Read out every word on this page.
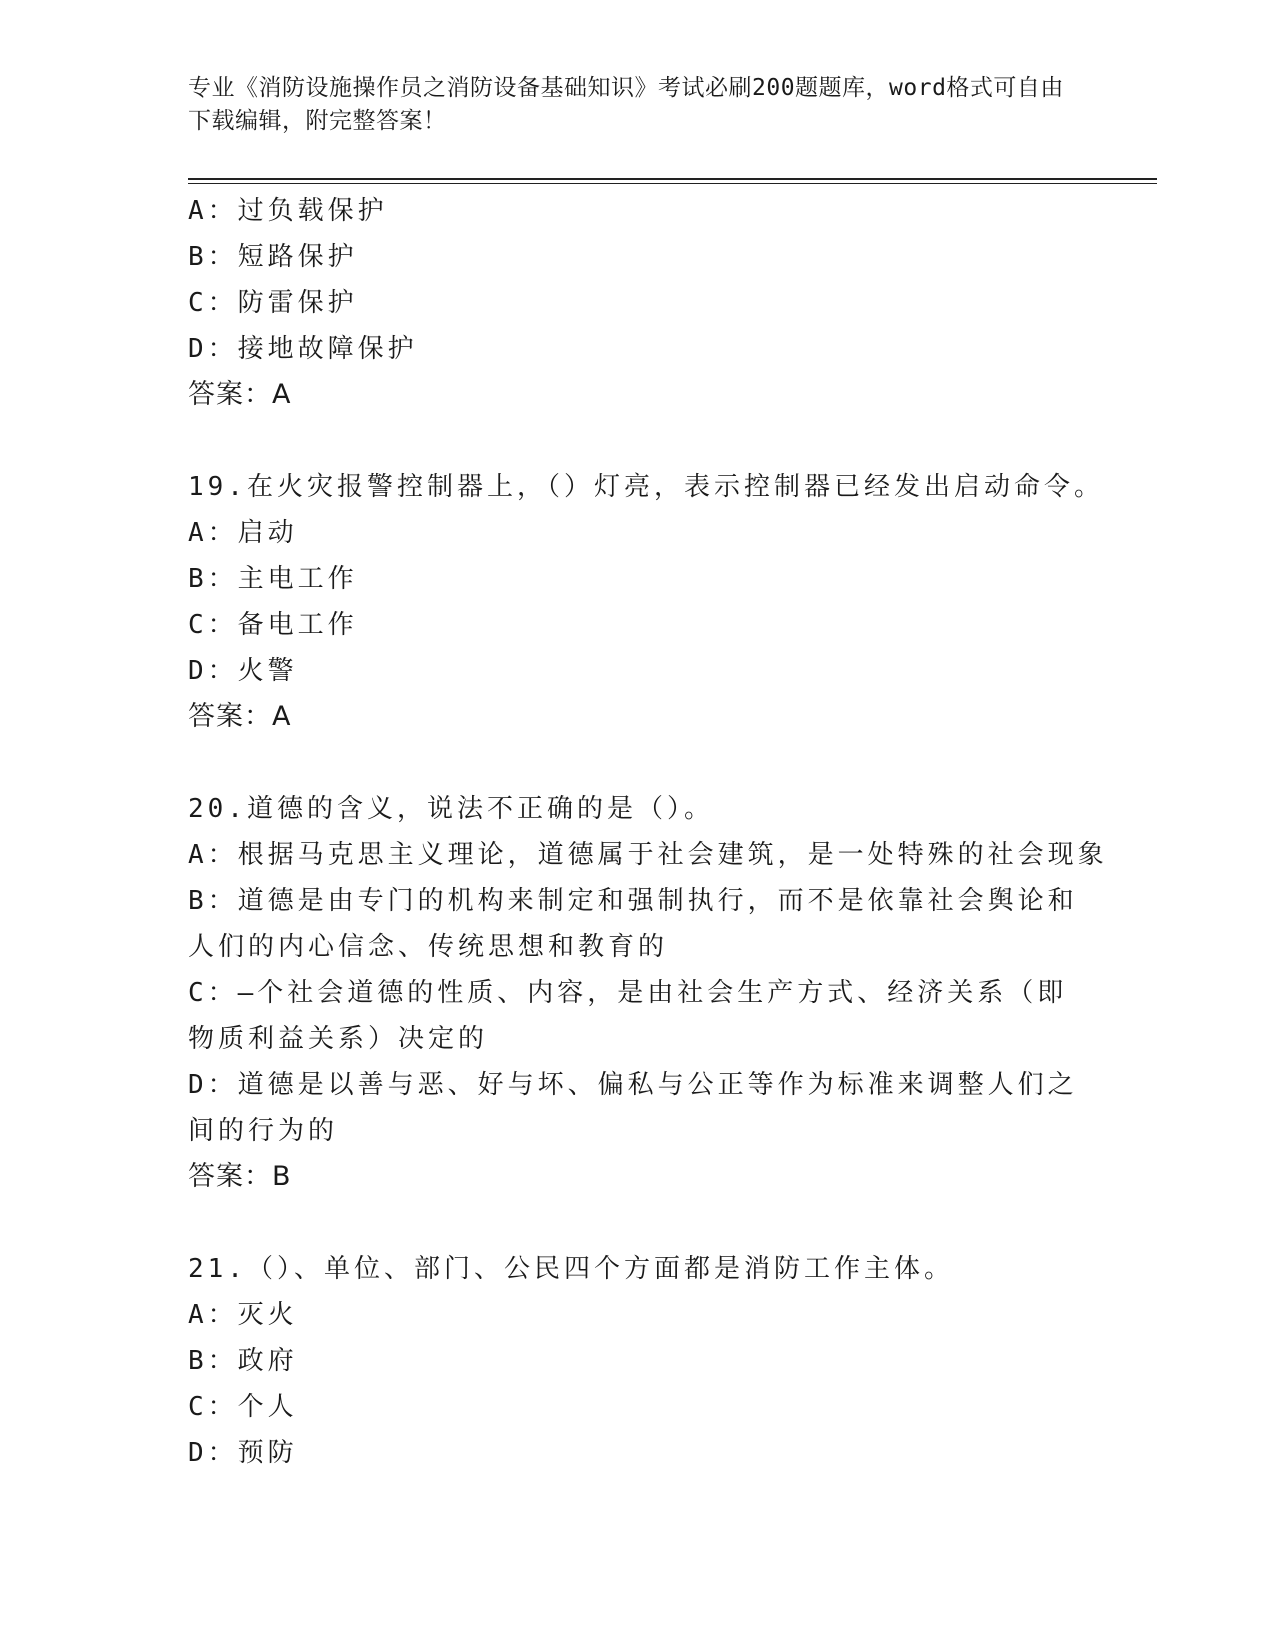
专业《消防设施操作员之消防设备基础知识》考试必刷200题题库，word格式可自由下载编辑，附完整答案！
A：过负载保护
B：短路保护
C：防雷保护
D：接地故障保护
答案：A
19.在火灾报警控制器上，（）灯亮，表示控制器已经发出启动命令。
A：启动
B：主电工作
C：备电工作
D：火警
答案：A
20.道德的含义，说法不正确的是（）。
A：根据马克思主义理论，道德属于社会建筑，是一处特殊的社会现象
B：道德是由专门的机构来制定和强制执行，而不是依靠社会舆论和人们的内心信念、传统思想和教育的
C：—个社会道德的性质、内容，是由社会生产方式、经济关系（即物质利益关系）决定的
D：道德是以善与恶、好与坏、偏私与公正等作为标准来调整人们之间的行为的
答案：B
21.（）、单位、部门、公民四个方面都是消防工作主体。
A：灭火
B：政府
C：个人
D：预防
